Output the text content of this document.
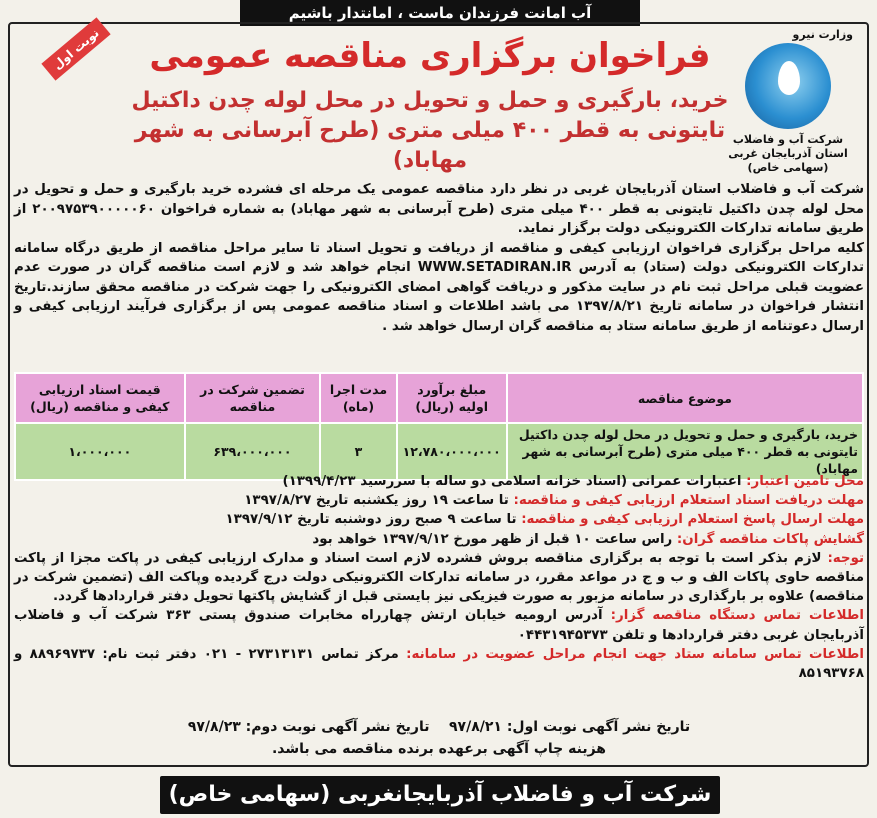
آب امانت فرزندان ماست ، امانتدار باشیم
نوبت اول	وزارت نیرو
شرکت آب و فاضلاب
استان آذربایجان غربی
(سهامی خاص)
فراخوان برگزاری مناقصه عمومی
خرید، بارگیری و حمل و تحویل در محل لوله چدن داکتیل
تایتونی به قطر ۴۰۰ میلی متری (طرح آبرسانی به شهر مهاباد)

شرکت آب و فاضلاب استان آذربایجان غربی در نظر دارد مناقصه عمومی یک مرحله ای فشرده خرید بارگیری و حمل و تحویل در محل لوله چدن داکتیل تایتونی به قطر ۴۰۰ میلی متری (طرح آبرسانی به شهر مهاباد) به شماره فراخوان ۲۰۰۹۷۵۳۹۰۰۰۰۰۶۰ از طریق سامانه تدارکات الکترونیکی دولت برگزار نماید.

کلیه مراحل برگزاری فراخوان ارزیابی کیفی و مناقصه از دریافت و تحویل اسناد تا سایر مراحل مناقصه از طریق درگاه سامانه تدارکات الکترونیکی دولت (ستاد) به آدرس WWW.SETADIRAN.IR انجام خواهد شد و لازم است مناقصه گران در صورت عدم عضویت قبلی مراحل ثبت نام در سایت مذکور و دریافت گواهی امضای الکترونیکی را جهت شرکت در مناقصه محقق سازند.تاریخ انتشار فراخوان در سامانه تاریخ ۱۳۹۷/۸/۲۱ می باشد اطلاعات و اسناد مناقصه عمومی پس از برگزاری فرآیند ارزیابی کیفی و ارسال دعوتنامه از طریق سامانه ستاد به مناقصه گران ارسال خواهد شد .

موضوع مناقصه	مبلغ برآورد اولیه (ریال)	مدت اجرا (ماه)	تضمین شرکت در مناقصه	قیمت اسناد ارزیابی کیفی و مناقصه (ریال)
خرید، بارگیری و حمل و تحویل در محل لوله چدن داکتیل تایتونی به قطر ۴۰۰ میلی متری (طرح آبرسانی به شهر مهاباد)	۱۲،۷۸۰،۰۰۰،۰۰۰	۳	۶۳۹،۰۰۰،۰۰۰	۱،۰۰۰،۰۰۰

محل تامین اعتبار: اعتبارات عمرانی (اسناد خزانه اسلامی دو ساله با سررسید ۱۳۹۹/۴/۲۳)

مهلت دریافت اسناد استعلام ارزیابی کیفی و مناقصه: تا ساعت ۱۹ روز یکشنبه تاریخ ۱۳۹۷/۸/۲۷

مهلت ارسال پاسخ استعلام ارزیابی کیفی و مناقصه: تا ساعت ۹ صبح روز دوشنبه تاریخ ۱۳۹۷/۹/۱۲

گشایش پاکات مناقصه گران: راس ساعت ۱۰ قبل از ظهر مورخ ۱۳۹۷/۹/۱۲ خواهد بود

توجه: لازم بذکر است با توجه به برگزاری مناقصه بروش فشرده لازم است اسناد و مدارک ارزیابی کیفی در پاکت مجزا از پاکت مناقصه حاوی پاکات الف و ب و ج در مواعد مقرر، در سامانه تدارکات الکترونیکی دولت درج گردیده وپاکت الف (تضمین شرکت در مناقصه) علاوه بر بارگذاری در سامانه مزبور به صورت فیزیکی نیز بایستی قبل از گشایش پاکتها تحویل دفتر قراردادها گردد.

اطلاعات تماس دستگاه مناقصه گزار: آدرس ارومیه خیابان ارتش چهارراه مخابرات صندوق پستی ۳۶۳ شرکت آب و فاضلاب آذربایجان غربی دفتر قراردادها و تلفن ۰۴۴۳۱۹۴۵۳۷۳

اطلاعات تماس سامانه ستاد جهت انجام مراحل عضویت در سامانه: مرکز تماس ۲۷۳۱۳۱۳۱ - ۰۲۱ دفتر ثبت نام: ۸۸۹۶۹۷۳۷ و ۸۵۱۹۳۷۶۸

تاریخ نشر آگهی نوبت اول: ۹۷/۸/۲۱    تاریخ نشر آگهی نوبت دوم: ۹۷/۸/۲۳
هزینه چاپ آگهی برعهده برنده مناقصه می باشد.
شرکت آب و فاضلاب آذربایجانغربی (سهامی خاص)
